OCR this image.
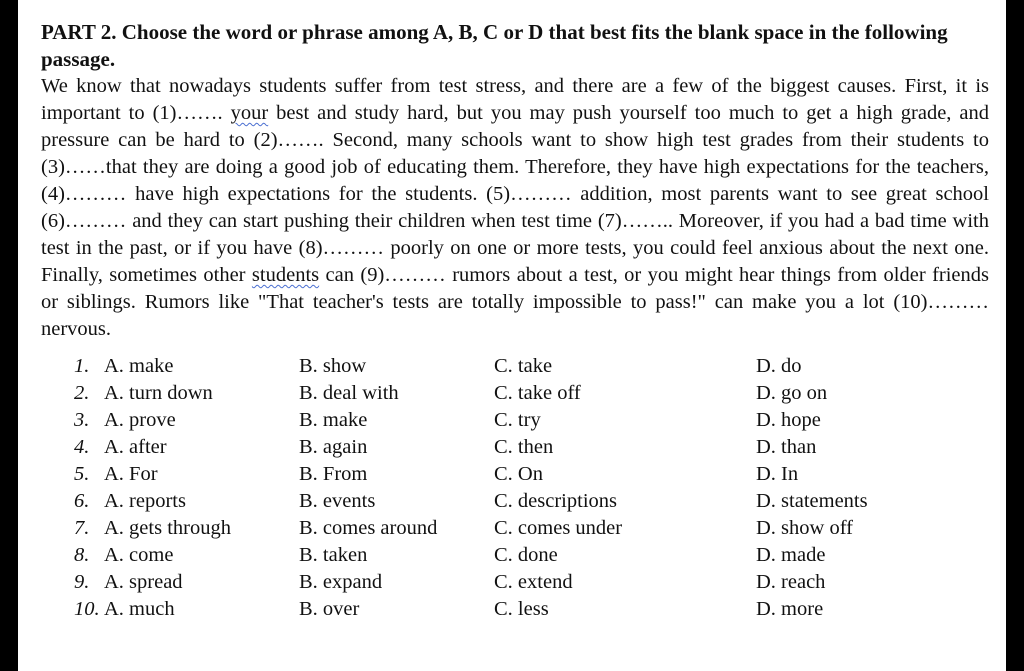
PART 2. Choose the word or phrase among A, B, C or D that best fits the blank space in the following passage.

We know that nowadays students suffer from test stress, and there are a few of the biggest causes. First, it is important to (1)……. your best and study hard, but you may push yourself too much to get a high grade, and pressure can be hard to (2)……. Second, many schools want to show high test grades from their students to (3)……that they are doing a good job of educating them. Therefore, they have high expectations for the teachers, (4)……… have high expectations for the students. (5)……… addition, most parents want to see great school (6)……… and they can start pushing their children when test time (7)…….. Moreover, if you had a bad time with test in the past, or if you have (8)……… poorly on one or more tests, you could feel anxious about the next one. Finally, sometimes other students can (9)……… rumors about a test, or you might hear things from older friends or siblings. Rumors like "That teacher's tests are totally impossible to pass!" can make you a lot (10)……… nervous.

1.	A. make	B. show	C. take	D. do
2.	A. turn down	B. deal with	C. take off	D. go on
3.	A. prove	B. make	C. try	D. hope
4.	A. after	B. again	C. then	D. than
5.	A. For	B. From	C. On	D. In
6.	A. reports	B. events	C. descriptions	D. statements
7.	A. gets through	B. comes around	C. comes under	D. show off
8.	A. come	B. taken	C. done	D. made
9.	A. spread	B. expand	C. extend	D. reach
10.	A. much	B. over	C. less	D. more
